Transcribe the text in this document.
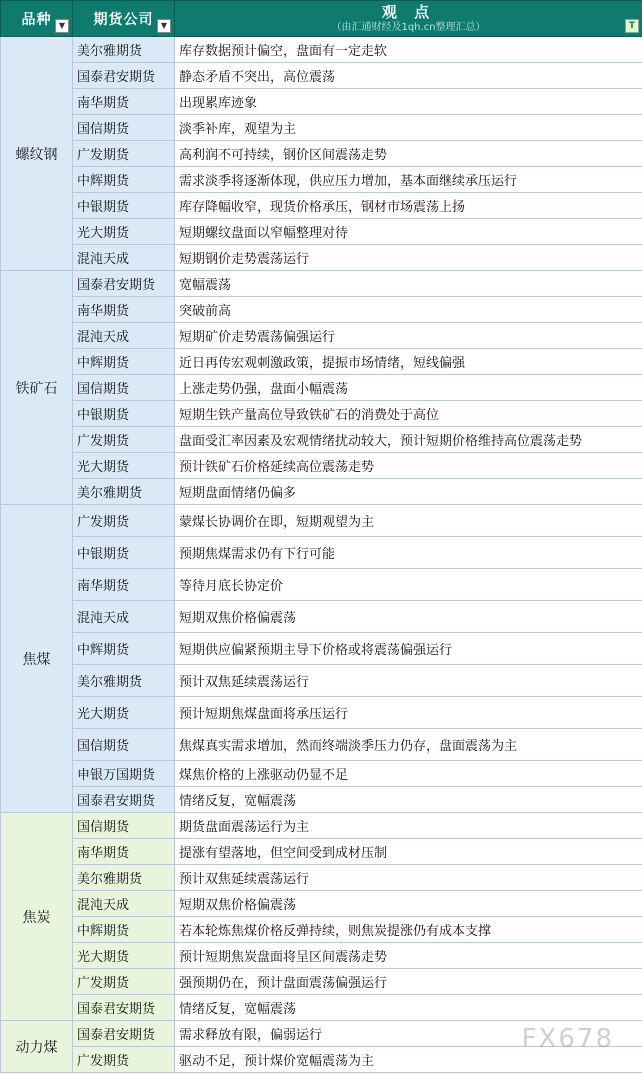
品种 ▼	期货公司 ▼	观 点
（由汇通财经及1qh.cn整理汇总） T

螺纹钢	美尔雅期货	库存数据预计偏空，盘面有一定走软
	国泰君安期货	静态矛盾不突出，高位震荡
	南华期货	出现累库迹象
	国信期货	淡季补库，观望为主
	广发期货	高利润不可持续，钢价区间震荡走势
	中辉期货	需求淡季将逐渐体现，供应压力增加，基本面继续承压运行
	中银期货	库存降幅收窄，现货价格承压，钢材市场震荡上扬
	光大期货	短期螺纹盘面以窄幅整理对待
	混沌天成	短期钢价走势震荡运行
铁矿石	国泰君安期货	宽幅震荡
	南华期货	突破前高
	混沌天成	短期矿价走势震荡偏强运行
	中辉期货	近日再传宏观刺激政策，提振市场情绪，短线偏强
	国信期货	上涨走势仍强，盘面小幅震荡
	中银期货	短期生铁产量高位导致铁矿石的消费处于高位
	广发期货	盘面受汇率因素及宏观情绪扰动较大，预计短期价格维持高位震荡走势
	光大期货	预计铁矿石价格延续高位震荡走势
	美尔雅期货	短期盘面情绪仍偏多
焦煤	广发期货	蒙煤长协调价在即，短期观望为主
	中银期货	预期焦煤需求仍有下行可能
	南华期货	等待月底长协定价
	混沌天成	短期双焦价格偏震荡
	中辉期货	短期供应偏紧预期主导下价格或将震荡偏强运行
	美尔雅期货	预计双焦延续震荡运行
	光大期货	预计短期焦煤盘面将承压运行
	国信期货	焦煤真实需求增加，然而终端淡季压力仍存，盘面震荡为主
	申银万国期货	煤焦价格的上涨驱动仍显不足
	国泰君安期货	情绪反复，宽幅震荡
焦炭	国信期货	期货盘面震荡运行为主
	南华期货	提涨有望落地，但空间受到成材压制
	美尔雅期货	预计双焦延续震荡运行
	混沌天成	短期双焦价格偏震荡
	中辉期货	若本轮炼焦煤价格反弹持续，则焦炭提涨仍有成本支撑
	光大期货	预计短期焦炭盘面将呈区间震荡走势
	广发期货	强预期仍在，预计盘面震荡偏强运行
	国泰君安期货	情绪反复，宽幅震荡
动力煤	国泰君安期货	需求释放有限，偏弱运行
	广发期货	驱动不足，预计煤价宽幅震荡为主
FX678
